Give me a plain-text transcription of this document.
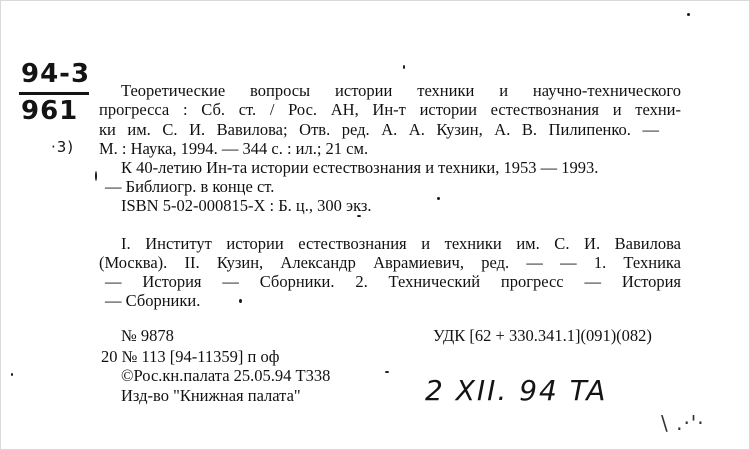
94-3
961
·3)
Теоретические вопросы истории техники и научно-технического
прогресса : Сб. ст. / Рос. АН, Ин-т истории естествознания и техни-
ки им. С. И. Вавилова; Отв. ред. А. А. Кузин, А. В. Пилипенко. —
М. : Наука, 1994. — 344 с. : ил.; 21 см.
К 40-летию Ин-та истории естествознания и техники, 1953 — 1993.
— Библиогр. в конце ст.
ISBN 5-02-000815-X : Б. ц., 300 экз.
I. Институт истории естествознания и техники им. С. И. Вавилова
(Москва). II. Кузин, Александр Аврамиевич, ред. — — 1. Техника
— История — Сборники. 2. Технический прогресс — История
— Сборники.
№ 9878	УДК [62 + 330.341.1](091)(082)
20 № 113 [94-11359] п оф
©Рос.кн.палата 25.05.94 Т338
Изд-во "Книжная палата"	2 XII. 94 TA
\ .·'·
